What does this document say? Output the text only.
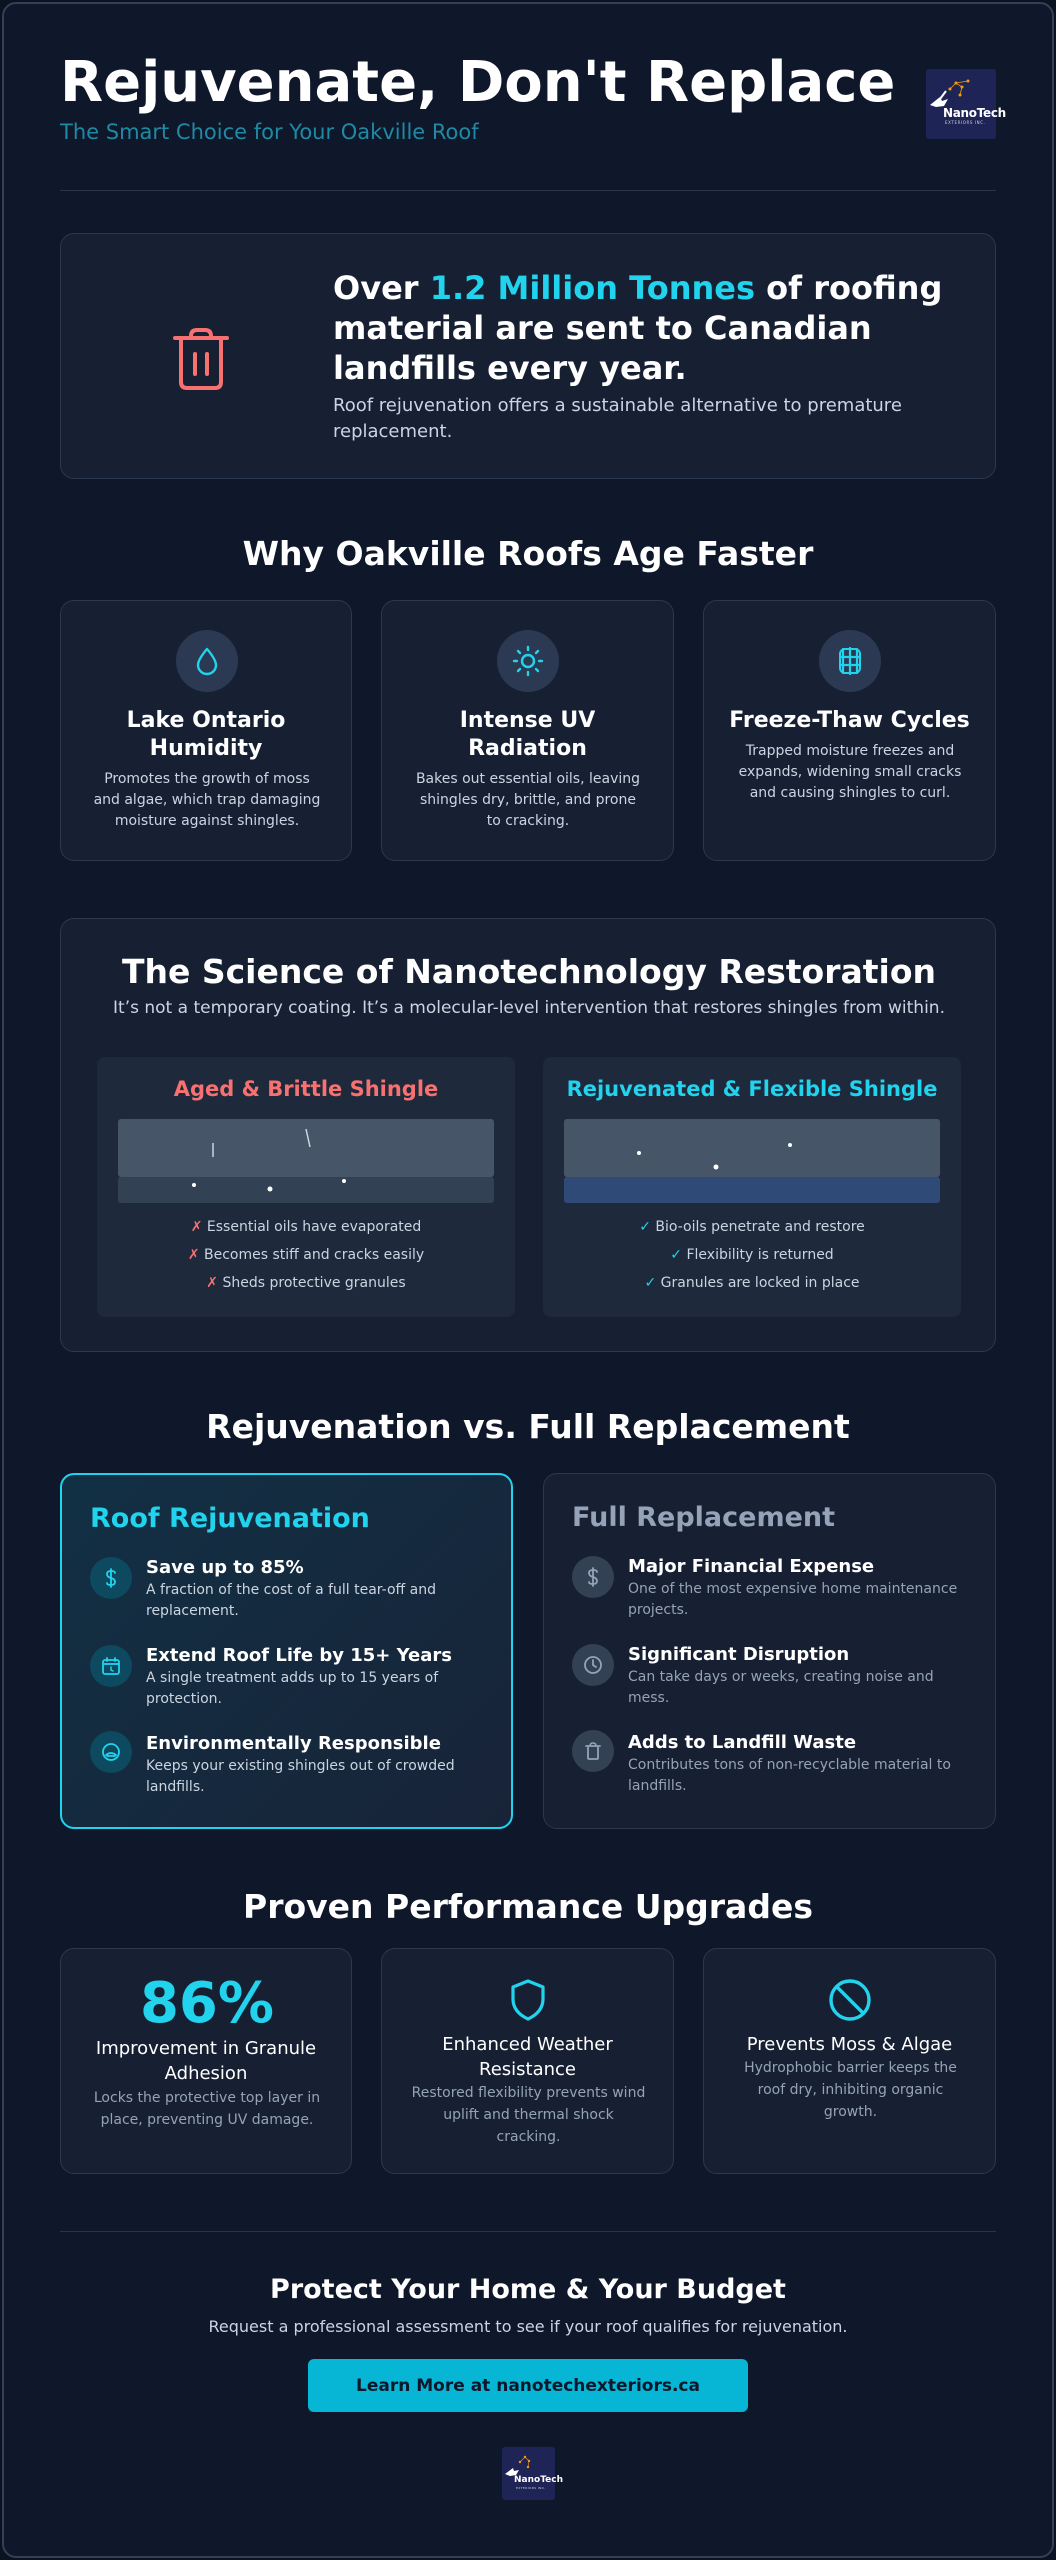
Rejuvenate, Don't Replace
The Smart Choice for Your Oakville Roof
NanoTech
EXTERIORS INC.
Over 1.2 Million Tonnes of roofing
material are sent to Canadian
landfills every year.
Roof rejuvenation offers a sustainable alternative to premature replacement.
Why Oakville Roofs Age Faster
Lake Ontario
Humidity
Promotes the growth of moss and algae, which trap damaging moisture against shingles.
Intense UV
Radiation
Bakes out essential oils, leaving shingles dry, brittle, and prone to cracking.
Freeze-Thaw Cycles
Trapped moisture freezes and expands, widening small cracks and causing shingles to curl.
The Science of Nanotechnology Restoration
It’s not a temporary coating. It’s a molecular-level intervention that restores shingles from within.
Aged & Brittle Shingle
✗ Essential oils have evaporated
✗ Becomes stiff and cracks easily
✗ Sheds protective granules
Rejuvenated & Flexible Shingle
✓ Bio-oils penetrate and restore
✓ Flexibility is returned
✓ Granules are locked in place
Rejuvenation vs. Full Replacement
Roof Rejuvenation
Save up to 85%
A fraction of the cost of a full tear-off and
replacement.
Extend Roof Life by 15+ Years
A single treatment adds up to 15 years of
protection.
Environmentally Responsible
Keeps your existing shingles out of crowded
landfills.
Full Replacement
Major Financial Expense
One of the most expensive home maintenance
projects.
Significant Disruption
Can take days or weeks, creating noise and
mess.
Adds to Landfill Waste
Contributes tons of non-recyclable material to
landfills.
Proven Performance Upgrades
86%
Improvement in Granule
Adhesion
Locks the protective top layer in
place, preventing UV damage.
Enhanced Weather
Resistance
Restored flexibility prevents wind
uplift and thermal shock
cracking.
Prevents Moss & Algae
Hydrophobic barrier keeps the
roof dry, inhibiting organic
growth.
Protect Your Home & Your Budget
Request a professional assessment to see if your roof qualifies for rejuvenation.
Learn More at nanotechexteriors.ca
NanoTech
EXTERIORS INC.
